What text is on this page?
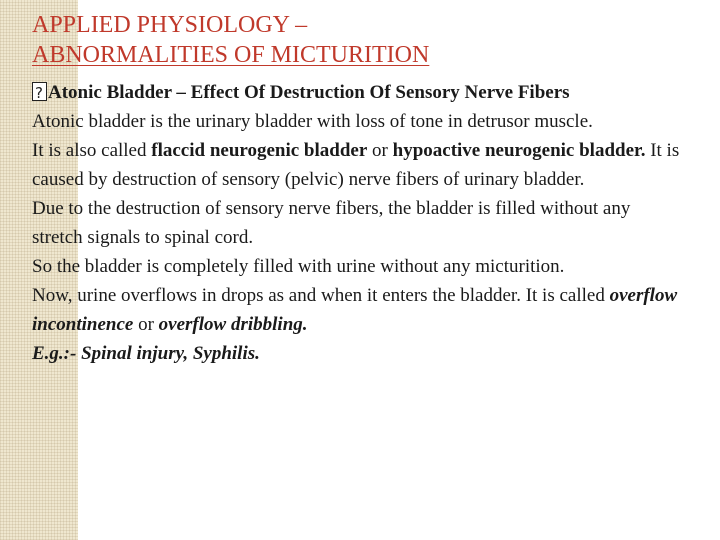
APPLIED PHYSIOLOGY –
ABNORMALITIES OF MICTURITION

?Atonic Bladder – Effect Of Destruction Of Sensory Nerve Fibers

Atonic bladder is the urinary bladder with loss of tone in detrusor muscle.

It is also called flaccid neurogenic bladder or hypoactive neurogenic bladder. It is caused by destruction of sensory (pelvic) nerve fibers of urinary bladder.

Due to the destruction of sensory nerve fibers, the bladder is filled without any stretch signals to spinal cord.

So the bladder is completely filled with urine without any micturition.

Now, urine overflows in drops as and when it enters the bladder. It is called overflow incontinence or overflow dribbling.

E.g.:- Spinal injury, Syphilis.
